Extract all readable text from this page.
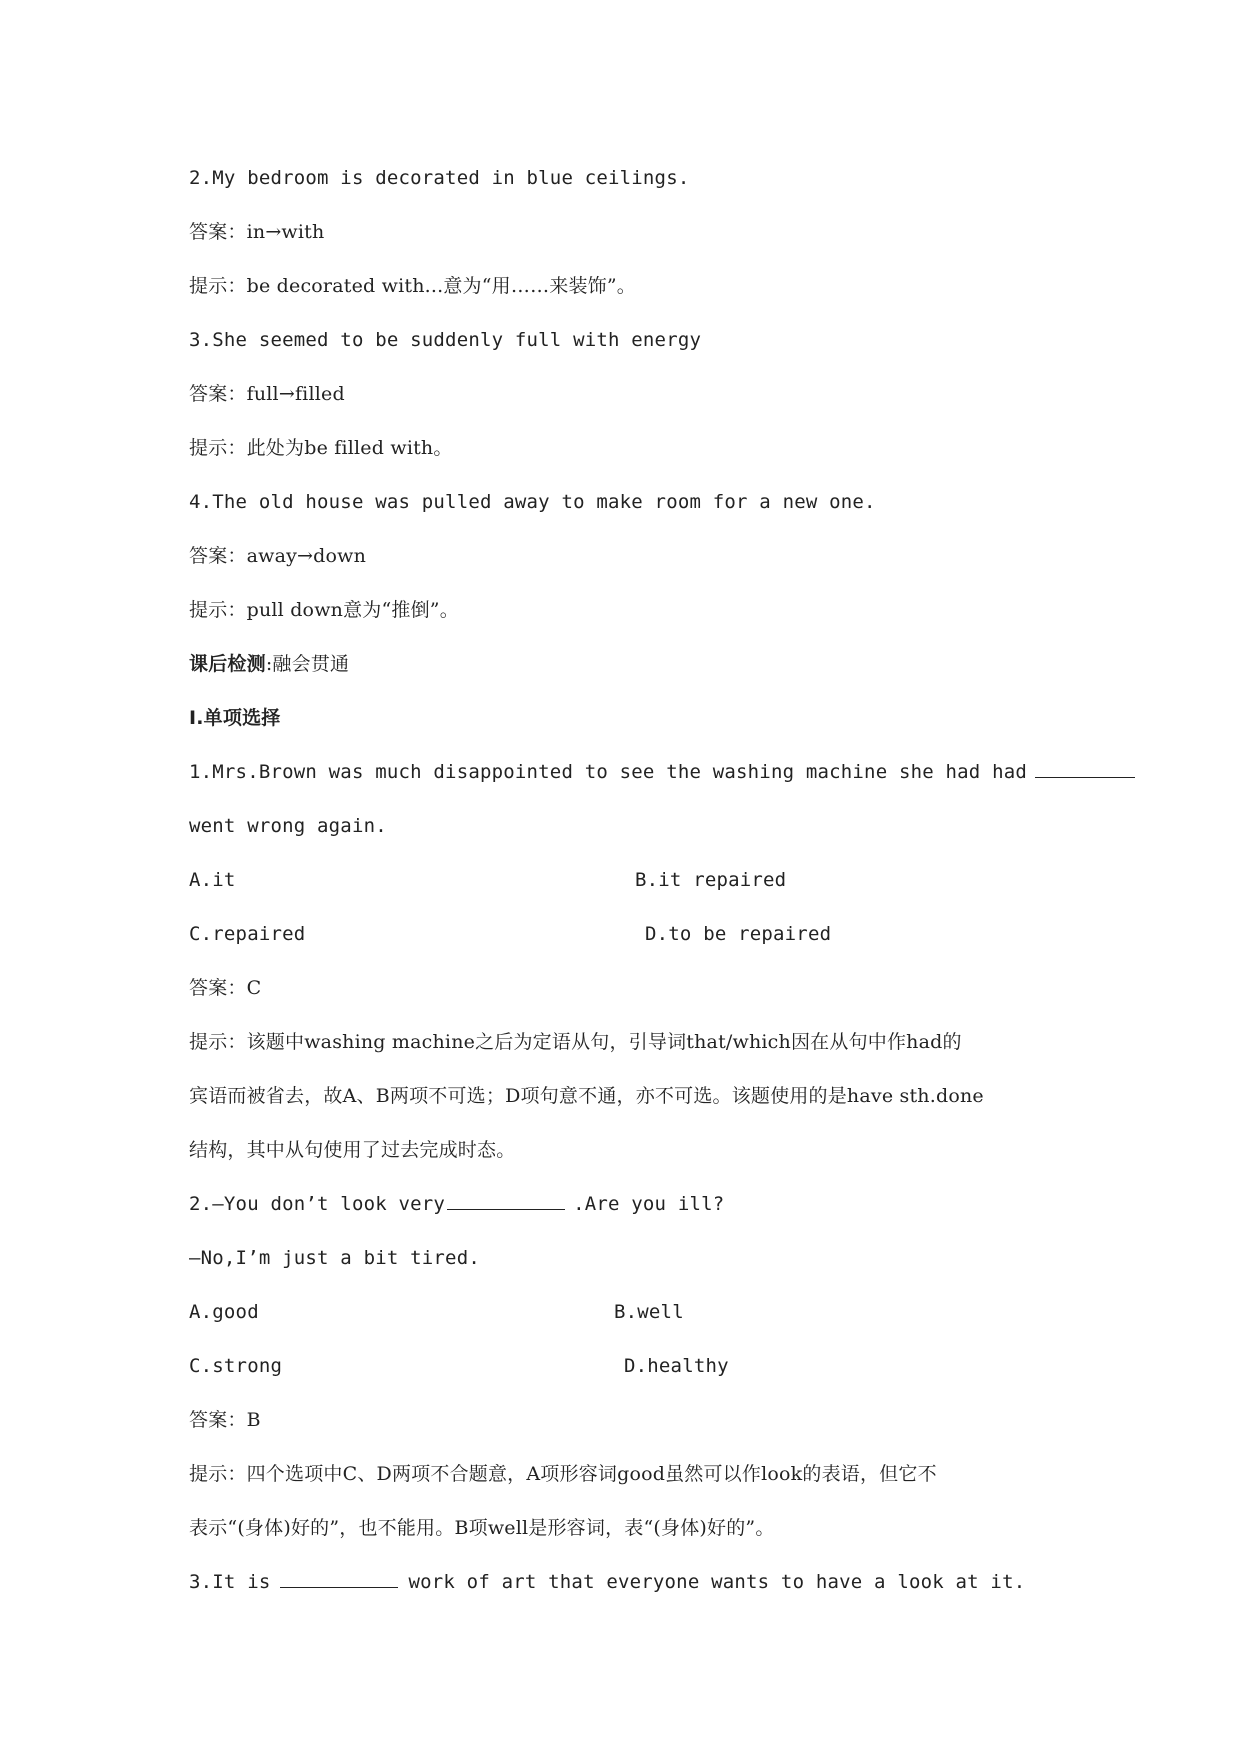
2.My bedroom is decorated in blue ceilings.
答案：in→with
提示：be decorated with...意为“用……来装饰”。
3.She seemed to be suddenly full with energy
答案：full→filled
提示：此处为be filled with。
4.The old house was pulled away to make room for a new one.
答案：away→down
提示：pull down意为“推倒”。
课后检测:融会贯通
Ⅰ.单项选择
1.Mrs.Brown was much disappointed to see the washing machine she had had
went wrong again.
A.it	B.it repaired
C.repaired	D.to be repaired
答案：C
提示：该题中washing machine之后为定语从句，引导词that/which因在从句中作had的
宾语而被省去，故A、B两项不可选；D项句意不通，亦不可选。该题使用的是have sth.done
结构，其中从句使用了过去完成时态。
2.—You don’t look very	.Are you ill?
—No,I’m just a bit tired.
A.good	B.well
C.strong	D.healthy
答案：B
提示：四个选项中C、D两项不合题意，A项形容词good虽然可以作look的表语，但它不
表示“(身体)好的”，也不能用。B项well是形容词，表“(身体)好的”。
3.It is	work of art that everyone wants to have a look at it.
